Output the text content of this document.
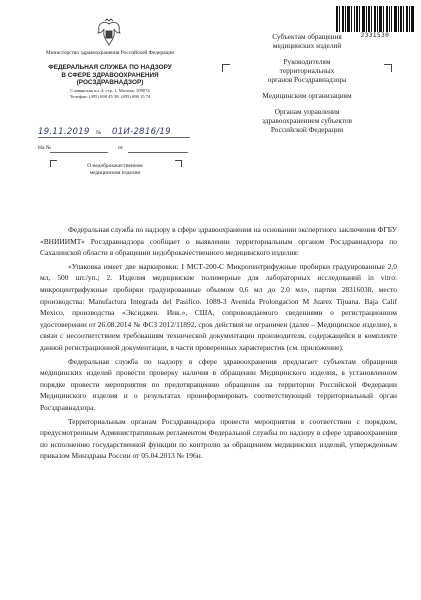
2331530
Министерство здравоохранения Российской Федерации
ФЕДЕРАЛЬНАЯ СЛУЖБА ПО НАДЗОРУ
В СФЕРЕ ЗДРАВООХРАНЕНИЯ
(РОСЗДРАВНАДЗОР)
Славянская пл. 4, стр. 1, Москва, 109074
Телефон: (495) 698 45 38; (495) 698 15 74
19.11.2019 № 01И-2816/19
На №	от
О недоброкачественном
медицинском изделии
Субъектам обращения
медицинских изделий
Руководителям
территориальных
органов Росздравнадзора
Медицинским организациям
Органам управления
здравоохранением субъектов
Российской Федерации

Федеральная служба по надзору в сфере здравоохранения на основании экспертного заключения ФГБУ «ВНИИИМТ» Росздравнадзора сообщает о выявлении территориальным органом Росздравнадзора по Сахалинской области в обращении недоброкачественного медицинского изделия:

«Упаковка имеет две маркировки: I МСТ-200-С Микропентрифужные пробирки градуированные 2,0 мл, 500 шт./уп.; 2. Изделия медицинские полимерные для лабораторных исследований in vitro: микроцентрифужные пробирки градуированные объемом 0,6 мл до 2.0 мл», партия 28316038, место производства: Manufactura Integrada del Pasifico. 1089-3 Avenida Prolongacion M Juarez Tijuana. Baja Calif Mexico, производства «Эксиджен. Инк.», США, сопровождаемого сведениями о регистрационном удостоверении от 26.08.2014 № ФСЗ 2012/11892, срок действия не ограничен (далее – Медицинское изделие), в связи с несоответствием требованиям технической документации производителя, содержащейся в комплекте данной регистрационной документации, в части проверенных характеристик (см. приложение).

Федеральная служба по надзору в сфере здравоохранения предлагает субъектам обращения медицинских изделий провести проверку наличия в обращении Медицинского изделия, в установленном порядке провести мероприятия по предотвращению обращения на территории Российской Федерации Медицинского изделия и о результатах проинформировать соответствующий территориальный орган Росздравнадзора.

Территориальным органам Росздравнадзора провести мероприятия в соответствии с порядком, предусмотренным Административным регламентом Федеральной службы по надзору в сфере здравоохранения по исполнению государственной функции по контролю за обращением медицинских изделий, утвержденным приказом Минздрава России от 05.04.2013 № 196н.
